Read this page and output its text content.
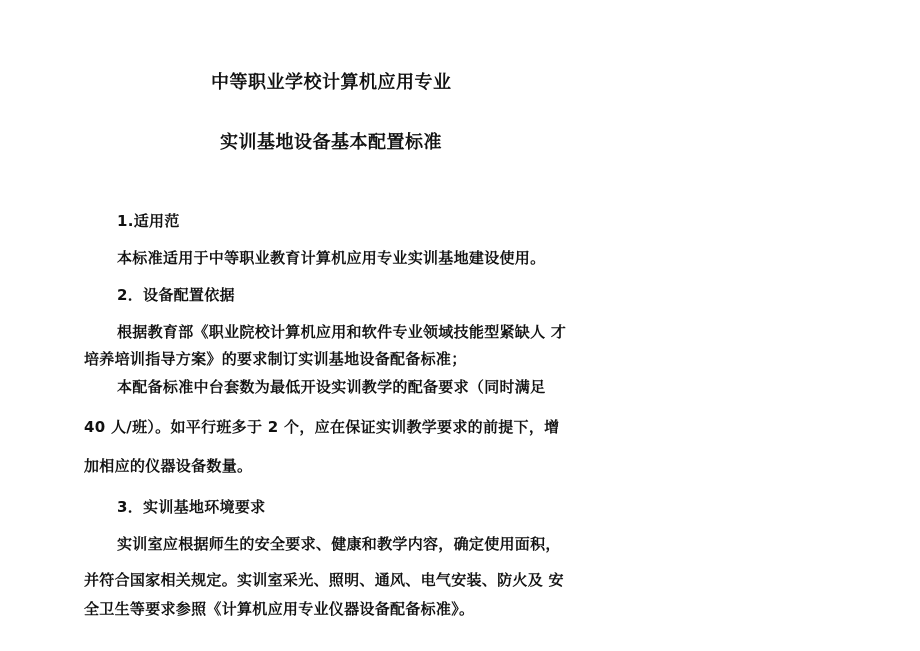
中等职业学校计算机应用专业
实训基地设备基本配置标准
1.适用范
本标准适用于中等职业教育计算机应用专业实训基地建设使用。
2．设备配置依据
根据教育部《职业院校计算机应用和软件专业领域技能型紧缺人 才
培养培训指导方案》的要求制订实训基地设备配备标准；
本配备标准中台套数为最低开设实训教学的配备要求（同时满足
40 人/班）。如平行班多于 2 个，应在保证实训教学要求的前提下，增
加相应的仪器设备数量。
3．实训基地环境要求
实训室应根据师生的安全要求、健康和教学内容，确定使用面积，
并符合国家相关规定。实训室采光、照明、通风、电气安装、防火及 安
全卫生等要求参照《计算机应用专业仪器设备配备标准》。
